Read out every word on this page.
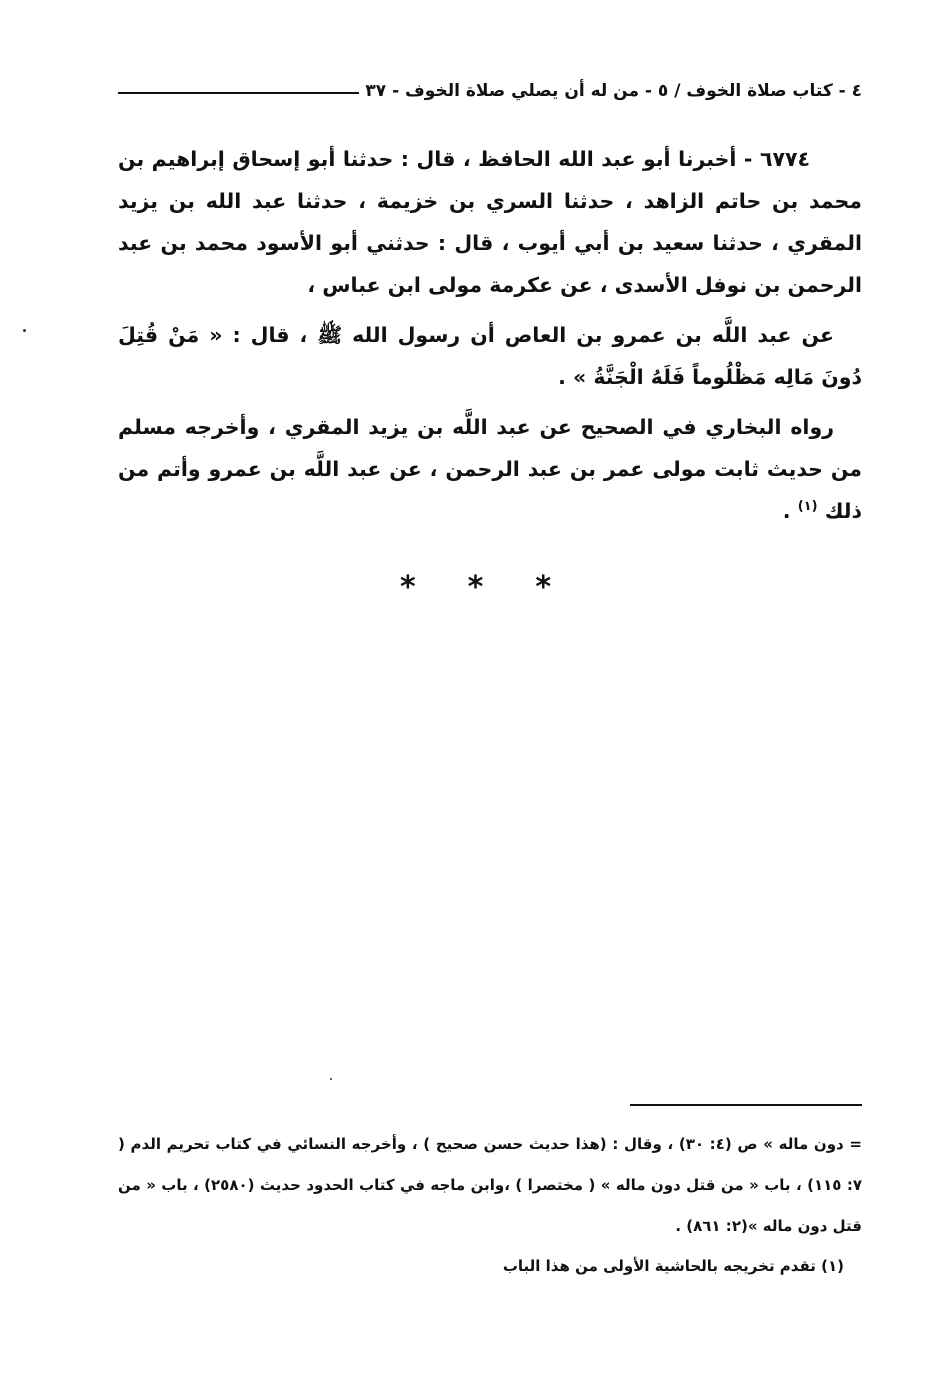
٤ - كتاب صلاة الخوف / ٥ - من له أن يصلي صلاة الخوف - ٣٧

٦٧٧٤ - أخبرنا أبو عبد الله الحافظ ، قال : حدثنا أبو إسحاق إبراهيم بن محمد بن حاتم الزاهد ، حدثنا السري بن خزيمة ، حدثنا عبد الله بن يزيد المقري ، حدثنا سعيد بن أبي أيوب ، قال : حدثني أبو الأسود محمد بن عبد الرحمن بن نوفل الأسدى ، عن عكرمة مولى ابن عباس ،

عن عبد اللَّه بن عمرو بن العاص أن رسول الله ﷺ ، قال : « مَنْ قُتِلَ دُونَ مَالِه مَظْلُوماً فَلَهُ الْجَنَّةُ » .

رواه البخاري في الصحيح عن عبد اللَّه بن يزيد المقري ، وأخرجه مسلم من حديث ثابت مولى عمر بن عبد الرحمن ، عن عبد اللَّه بن عمرو وأتم من ذلك $^{(١)}$ .

* * *

= دون ماله » ص (٤: ٣٠) ، وقال : (هذا حديث حسن صحيح ) ، وأخرجه النسائي في كتاب تحريم الدم ( ٧: ١١٥) ، باب « من قتل دون ماله » ( مختصرا ) ،وابن ماجه في كتاب الحدود حديث (٢٥٨٠) ، باب « من قتل دون ماله »(٢: ٨٦١) .

(١) تقدم تخريجه بالحاشية الأولى من هذا الباب
